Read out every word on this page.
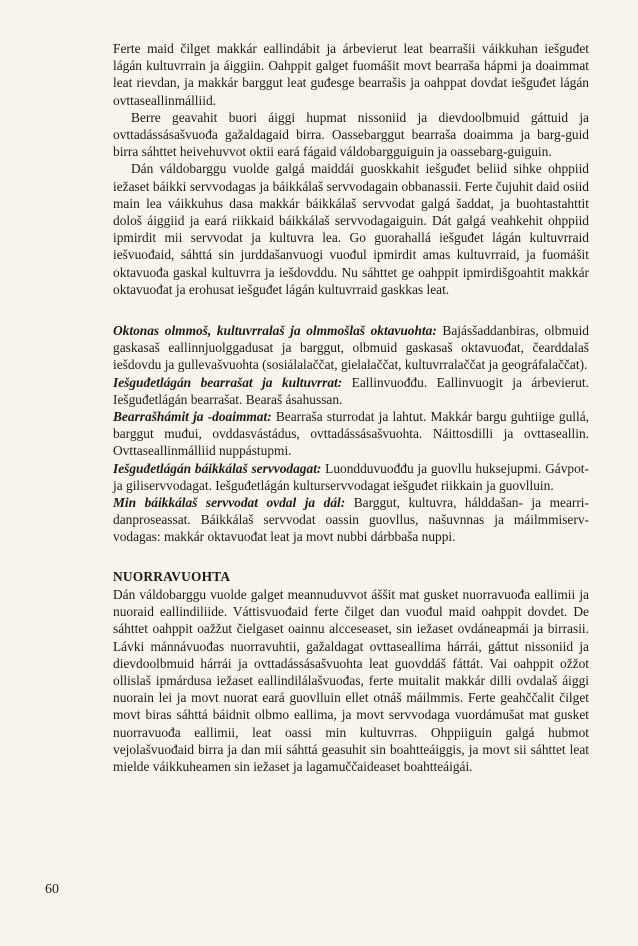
Ferte maid čilget makkár eallindábit ja árbevierut leat bearrašii váikkuhan iešguđet lágán kultuvrrain ja áiggiin. Oahppit galget fuomášit movt bearraša hápmi ja doaimmat leat rievdan, ja makkár barggut leat guđesge bearrašis ja oahppat dovdat iešguđet lágán ovttaseallinmálliid.

Berre geavahit buori áiggi hupmat nissoniid ja dievdoolbmuid gáttuid ja ovttadássásašvuođa gažaldagaid birra. Oassebarggut bearraša doaimma ja barg-guid birra sáhttet heivehuvvot oktii eará fágaid váldobargguiguin ja oassebarg-guiguin.

Dán váldobarggu vuolde galgá maiddái guoskkahit iešguđet beliid sihke ohppiid iežaset báikki servvodagas ja báikkálaš servvodagain obbanassii. Ferte čujuhit daid osiid main lea váikkuhus dasa makkár báikkálaš servvodat galgá šaddat, ja buohtastahttit dološ áiggiid ja eará riikkaid báikkálaš servvodagaiguin. Dát galgá veahkehit ohppiid ipmirdit mii servvodat ja kultuvra lea. Go guorahallá iešguđet lágán kultuvrraid iešvuođaid, sáhttá sin jurddašanvuogi vuođul ipmirdit amas kultuvrraid, ja fuomášit oktavuođa gaskal kultuvrra ja iešdovddu. Nu sáhttet ge oahppit ipmirdišgoahtit makkár oktavuođat ja erohusat iešguđet lágán kultuvrraid gaskkas leat.

Oktonas olmmoš, kultuvrralaš ja olmmošlaš oktavuohta: Bajásšaddanbiras, olbmuid gaskasaš eallinnjuolggadusat ja barggut, olbmuid gaskasaš oktavuođat, čearddalaš iešdovdu ja gullevašvuohta (sosiálalaččat, gielalaččat, kultuvrralaččat ja geográfalaččat).
Iešguđetlágán bearrašat ja kultuvrrat: Eallinvuođđu. Eallinvuogit ja árbevierut. Iešguđetlágán bearrašat. Bearaš ásahussan.
Bearrašhámit ja -doaimmat: Bearraša sturrodat ja lahtut. Makkár bargu guhtiige gullá, barggut muđui, ovddasvástádus, ovttadássásašvuohta. Náittosdilli ja ovttaseallin. Ovttaseallinmálliid nuppástupmi.
Iešguđetlágán báikkálaš servvodagat: Luondduvuođđu ja guovllu huksejupmi. Gávpot- ja giliservvodagat. Iešguđetlágán kulturservvodagat iešguđet riikkain ja guovlluin.
Min báikkálaš servvodat ovdal ja dál: Barggut, kultuvra, hálddašan- ja mearri-danproseassat. Báikkálaš servvodat oassin guovllus, našuvnnas ja máilmmiserv-vodagas: makkár oktavuođat leat ja movt nubbi dárbbaša nuppi.
NUORRAVUOHTA

Dán váldobarggu vuolde galget meannuduvvot áššit mat gusket nuorravuođa eallimii ja nuoraid eallindiliide. Váttisvuođaid ferte čilget dan vuođul maid oahppit dovdet. De sáhttet oahppit oažžut čielgaset oainnu alcceseaset, sin iežaset ovdáneapmái ja birrasii. Lávki mánnávuođas nuorravuhtii, gažaldagat ovttaseallima hárrái, gáttut nissoniid ja dievdoolbmuid hárrái ja ovttadássásašvuohta leat guovddáš fáttát. Vai oahppit ožžot ollislaš ipmárdusa iežaset eallindilálašvuođas, ferte muitalit makkár dilli ovdalaš áiggi nuorain lei ja movt nuorat eará guovlluin ellet otnáš máilmmis. Ferte geahččalit čilget movt biras sáhttá báidnit olbmo eallima, ja movt servvodaga vuordámušat mat gusket nuorravuođa eallimii, leat oassi min kultuvrras. Ohppiiguin galgá hubmot vejolašvuođaid birra ja dan mii sáhttá geasuhit sin boahtteáiggis, ja movt sii sáhttet leat mielde váikkuheamen sin iežaset ja lagamuččaideaset boahtteáigái.

60
